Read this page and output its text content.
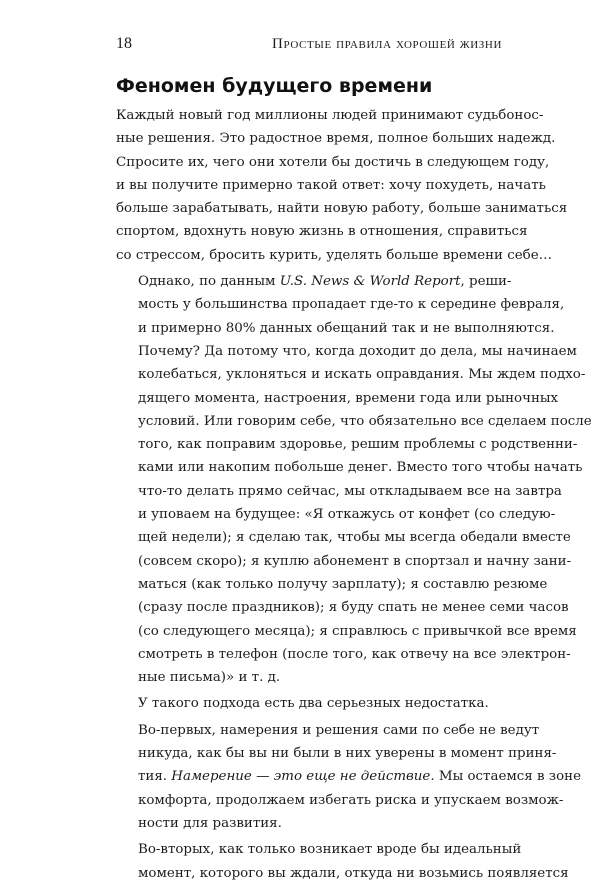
18	Простые правила хорошей жизни
Феномен будущего времени

Каждый новый год миллионы людей принимают судьбонос-
ные решения. Это радостное время, полное больших надежд.
Спросите их, чего они хотели бы достичь в следующем году,
и вы получите примерно такой ответ: хочу похудеть, начать
больше зарабатывать, найти новую работу, больше заниматься
спортом, вдохнуть новую жизнь в отношения, справиться
со стрессом, бросить курить, уделять больше времени себе…

Однако, по данным U.S. News & World Report, реши-
мость у большинства пропадает где-то к середине февраля,
и примерно 80% данных обещаний так и не выполняются.
Почему? Да потому что, когда доходит до дела, мы начинаем
колебаться, уклоняться и искать оправдания. Мы ждем подхо-
дящего момента, настроения, времени года или рыночных
условий. Или говорим себе, что обязательно все сделаем после
того, как поправим здоровье, решим проблемы с родственни-
ками или накопим побольше денег. Вместо того чтобы начать
что-то делать прямо сейчас, мы откладываем все на завтра
и уповаем на будущее: «Я откажусь от конфет (со следую-
щей недели); я сделаю так, чтобы мы всегда обедали вместе
(совсем скоро); я куплю абонемент в спортзал и начну зани-
маться (как только получу зарплату); я составлю резюме
(сразу после праздников); я буду спать не менее семи часов
(со следующего месяца); я справлюсь с привычкой все время
смотреть в телефон (после того, как отвечу на все электрон-
ные письма)» и т. д.

У такого подхода есть два серьезных недостатка.

Во-первых, намерения и решения сами по себе не ведут
никуда, как бы вы ни были в них уверены в момент приня-
тия. Намерение — это еще не действие. Мы остаемся в зоне
комфорта, продолжаем избегать риска и упускаем возмож-
ности для развития.

Во-вторых, как только возникает вроде бы идеальный
момент, которого вы ждали, откуда ни возьмись появляется
